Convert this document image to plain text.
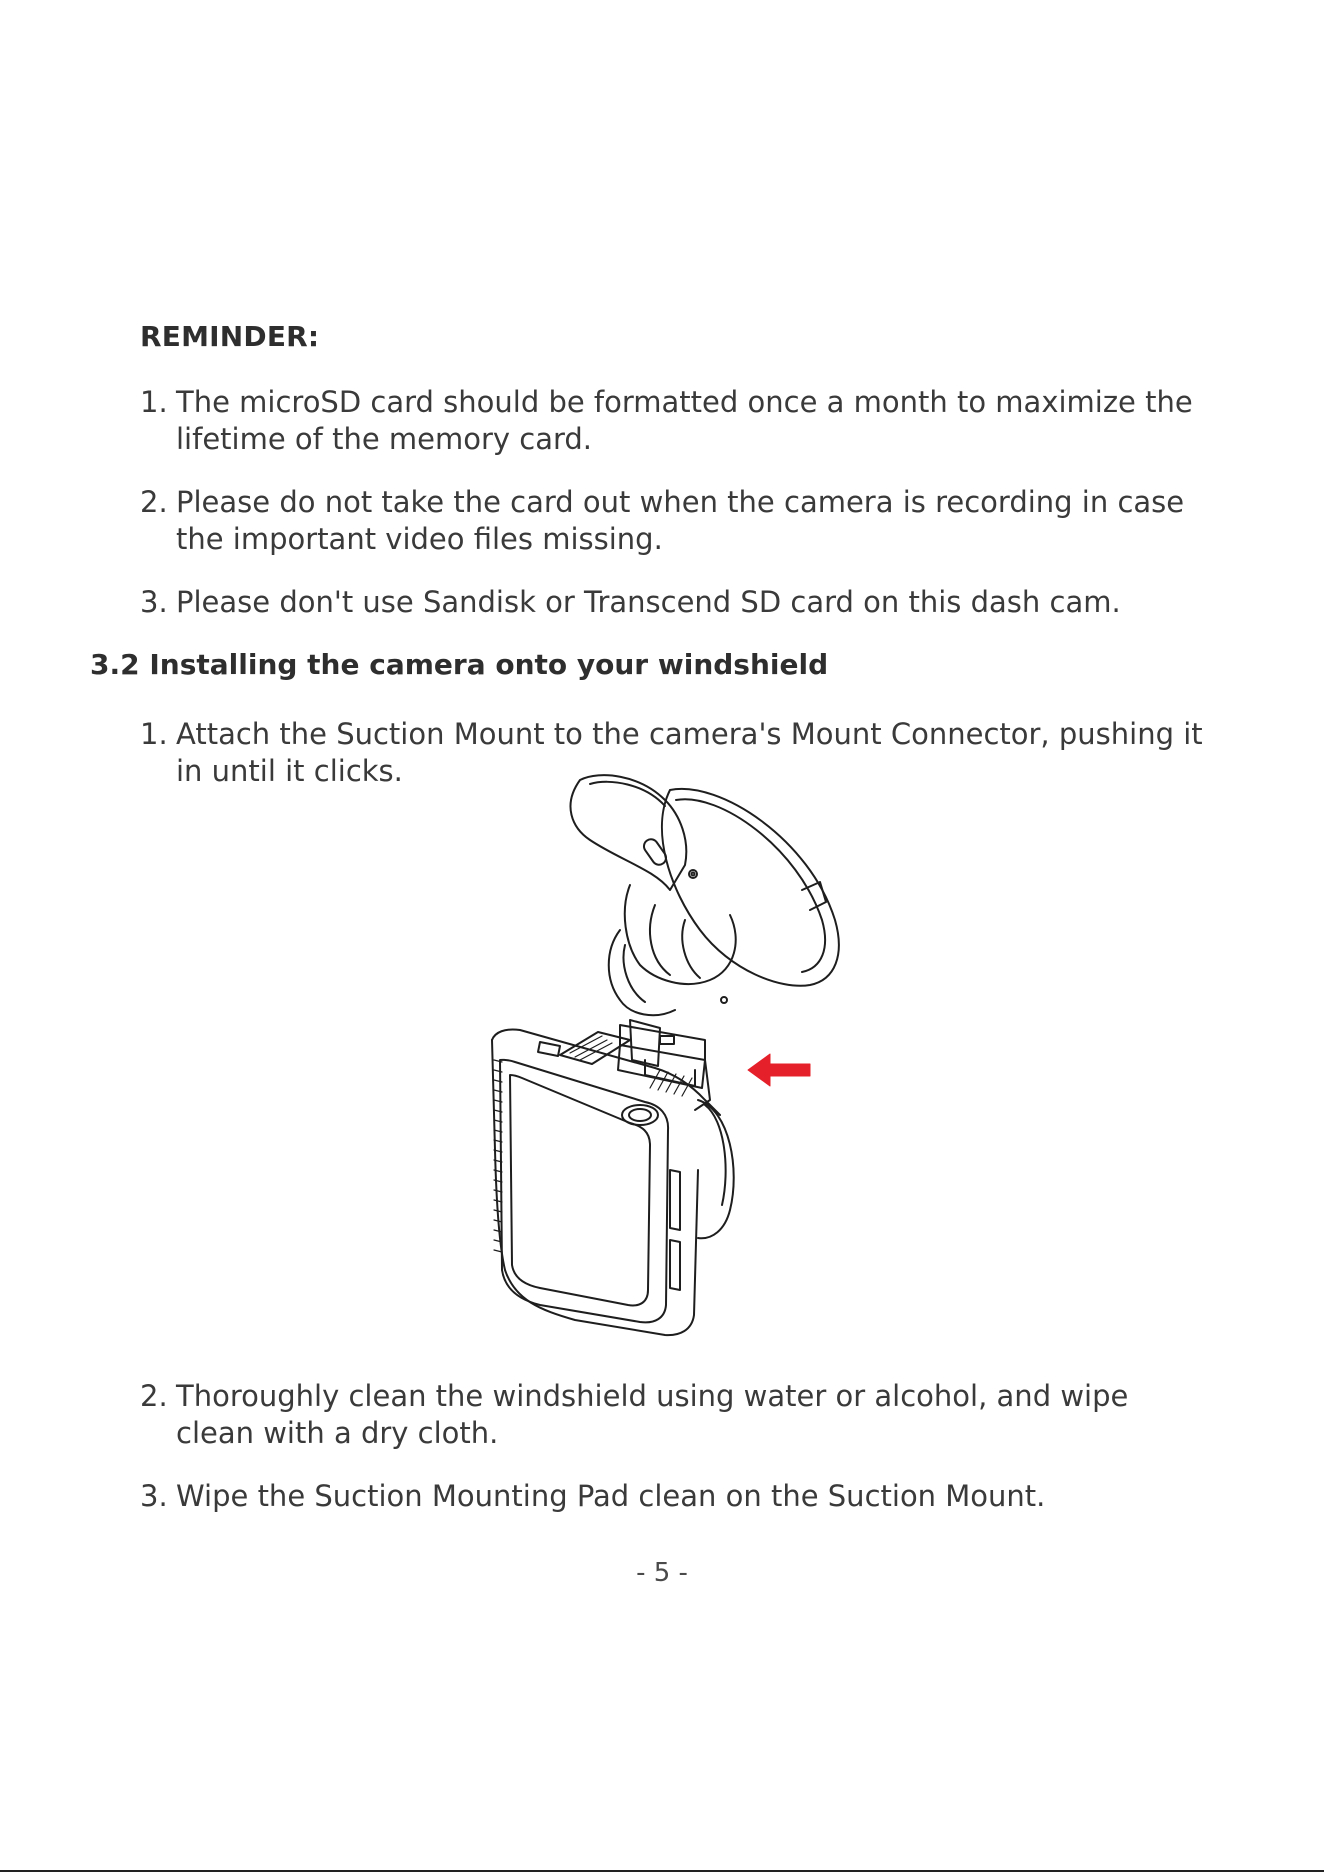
REMINDER:
1. The microSD card should be formatted once a month to maximize the
lifetime of the memory card.
2. Please do not take the card out when the camera is recording in case
the important video files missing.
3. Please don't use Sandisk or Transcend SD card on this dash cam.
3.2 Installing the camera onto your windshield
1. Attach the Suction Mount to the camera's Mount Connector, pushing it
in until it clicks.
2. Thoroughly clean the windshield using water or alcohol, and wipe
clean with a dry cloth.
3. Wipe the Suction Mounting Pad clean on the Suction Mount.
- 5 -
